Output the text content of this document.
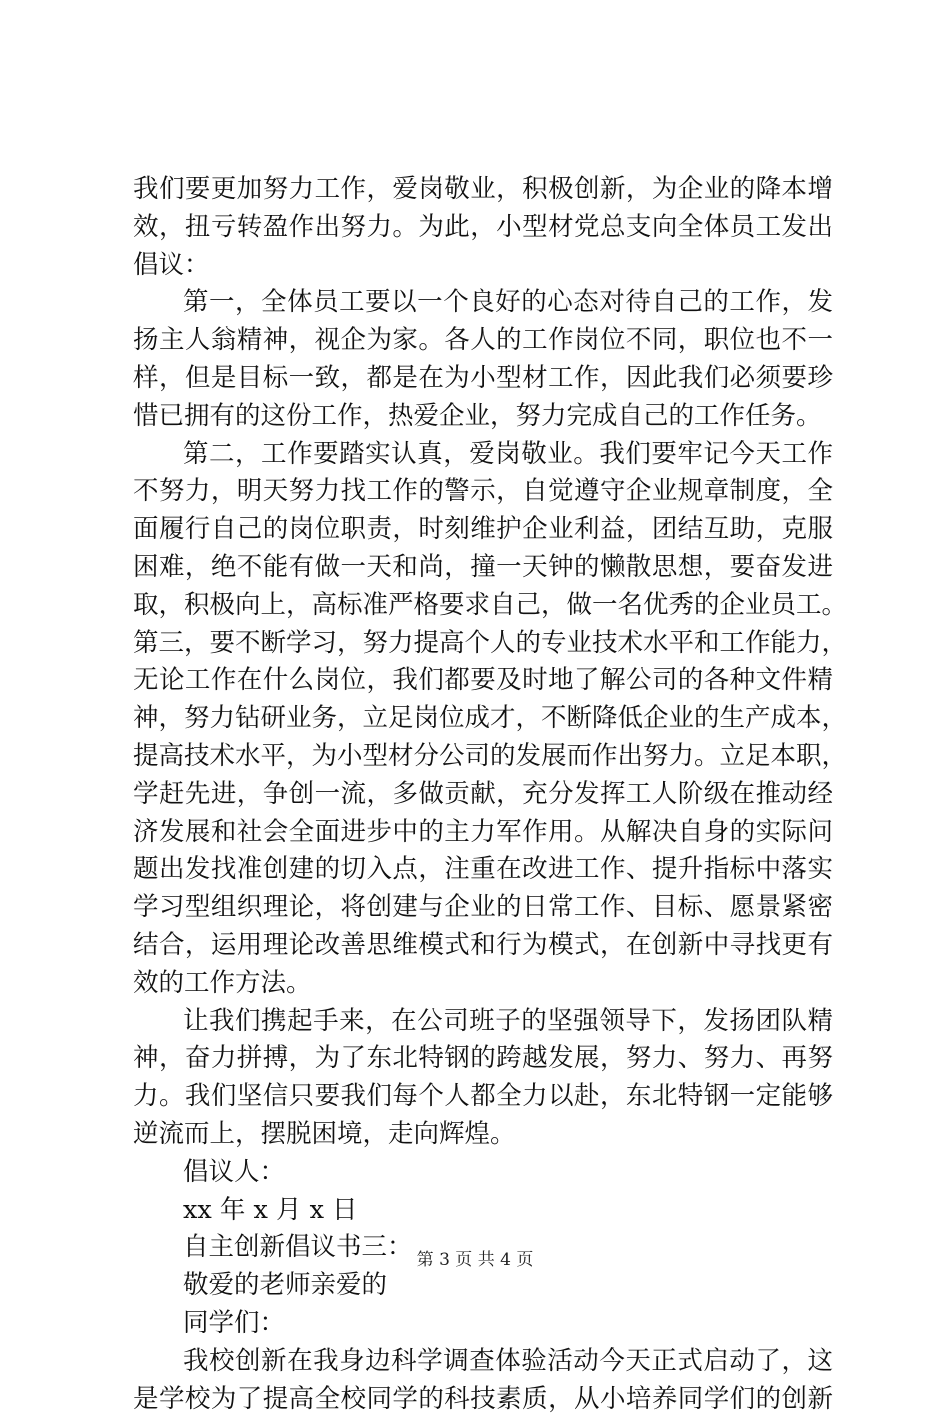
我们要更加努力工作，爱岗敬业，积极创新，为企业的降本增
效，扭亏转盈作出努力。为此，小型材党总支向全体员工发出
倡议：
第一，全体员工要以一个良好的心态对待自己的工作，发
扬主人翁精神，视企为家。各人的工作岗位不同，职位也不一
样，但是目标一致，都是在为小型材工作，因此我们必须要珍
惜已拥有的这份工作，热爱企业，努力完成自己的工作任务。
第二，工作要踏实认真，爱岗敬业。我们要牢记今天工作
不努力，明天努力找工作的警示，自觉遵守企业规章制度，全
面履行自己的岗位职责，时刻维护企业利益，团结互助，克服
困难，绝不能有做一天和尚，撞一天钟的懒散思想，要奋发进
取，积极向上，高标准严格要求自己，做一名优秀的企业员工。
第三，要不断学习，努力提高个人的专业技术水平和工作能力，
无论工作在什么岗位，我们都要及时地了解公司的各种文件精
神，努力钻研业务，立足岗位成才，不断降低企业的生产成本，
提高技术水平，为小型材分公司的发展而作出努力。立足本职，
学赶先进，争创一流，多做贡献，充分发挥工人阶级在推动经
济发展和社会全面进步中的主力军作用。从解决自身的实际问
题出发找准创建的切入点，注重在改进工作、提升指标中落实
学习型组织理论，将创建与企业的日常工作、目标、愿景紧密
结合，运用理论改善思维模式和行为模式，在创新中寻找更有
效的工作方法。
让我们携起手来，在公司班子的坚强领导下，发扬团队精
神，奋力拼搏，为了东北特钢的跨越发展，努力、努力、再努
力。我们坚信只要我们每个人都全力以赴，东北特钢一定能够
逆流而上，摆脱困境，走向辉煌。
倡议人：
xx 年 x 月 x 日
自主创新倡议书三：
敬爱的老师亲爱的
同学们：
我校创新在我身边科学调查体验活动今天正式启动了，这
是学校为了提高全校同学的科技素质，从小培养同学们的创新
第 3 页 共 4 页
